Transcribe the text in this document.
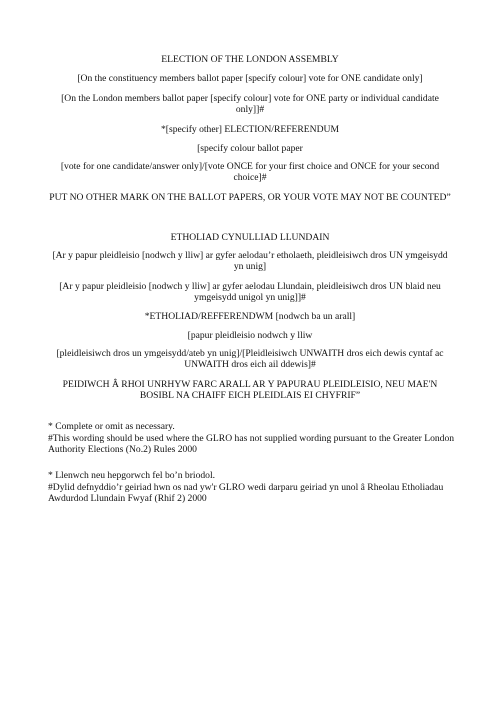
ELECTION OF THE LONDON ASSEMBLY

[On the constituency members ballot paper [specify colour] vote for ONE candidate only]

[On the London members ballot paper [specify colour] vote for ONE party or individual candidate only]]#

*[specify other] ELECTION/REFERENDUM

[specify colour ballot paper

[vote for one candidate/answer only]/[vote ONCE for your first choice and ONCE for your second choice]#

PUT NO OTHER MARK ON THE BALLOT PAPERS, OR YOUR VOTE MAY NOT BE COUNTED”

ETHOLIAD CYNULLIAD LLUNDAIN

[Ar y papur pleidleisio [nodwch y lliw] ar gyfer aelodau’r etholaeth, pleidleisiwch dros UN ymgeisydd yn unig]

[Ar y papur pleidleisio [nodwch y lliw] ar gyfer aelodau Llundain, pleidleisiwch dros UN blaid neu ymgeisydd unigol yn unig]]#

*ETHOLIAD/REFFERENDWM [nodwch ba un arall]

[papur pleidleisio nodwch y lliw

[pleidleisiwch dros un ymgeisydd/ateb yn unig]/[Pleidleisiwch UNWAITH dros eich dewis cyntaf ac UNWAITH dros eich ail ddewis]#

PEIDIWCH Â RHOI UNRHYW FARC ARALL AR Y PAPURAU PLEIDLEISIO, NEU MAE'N BOSIBL NA CHAIFF EICH PLEIDLAIS EI CHYFRIF”

* Complete or omit as necessary.

#This wording should be used where the GLRO has not supplied wording pursuant to the Greater London Authority Elections (No.2) Rules 2000

* Llenwch neu hepgorwch fel bo’n briodol.

#Dylid defnyddio’r geiriad hwn os nad yw'r GLRO wedi darparu geiriad yn unol â Rheolau Etholiadau Awdurdod Llundain Fwyaf (Rhif 2) 2000
